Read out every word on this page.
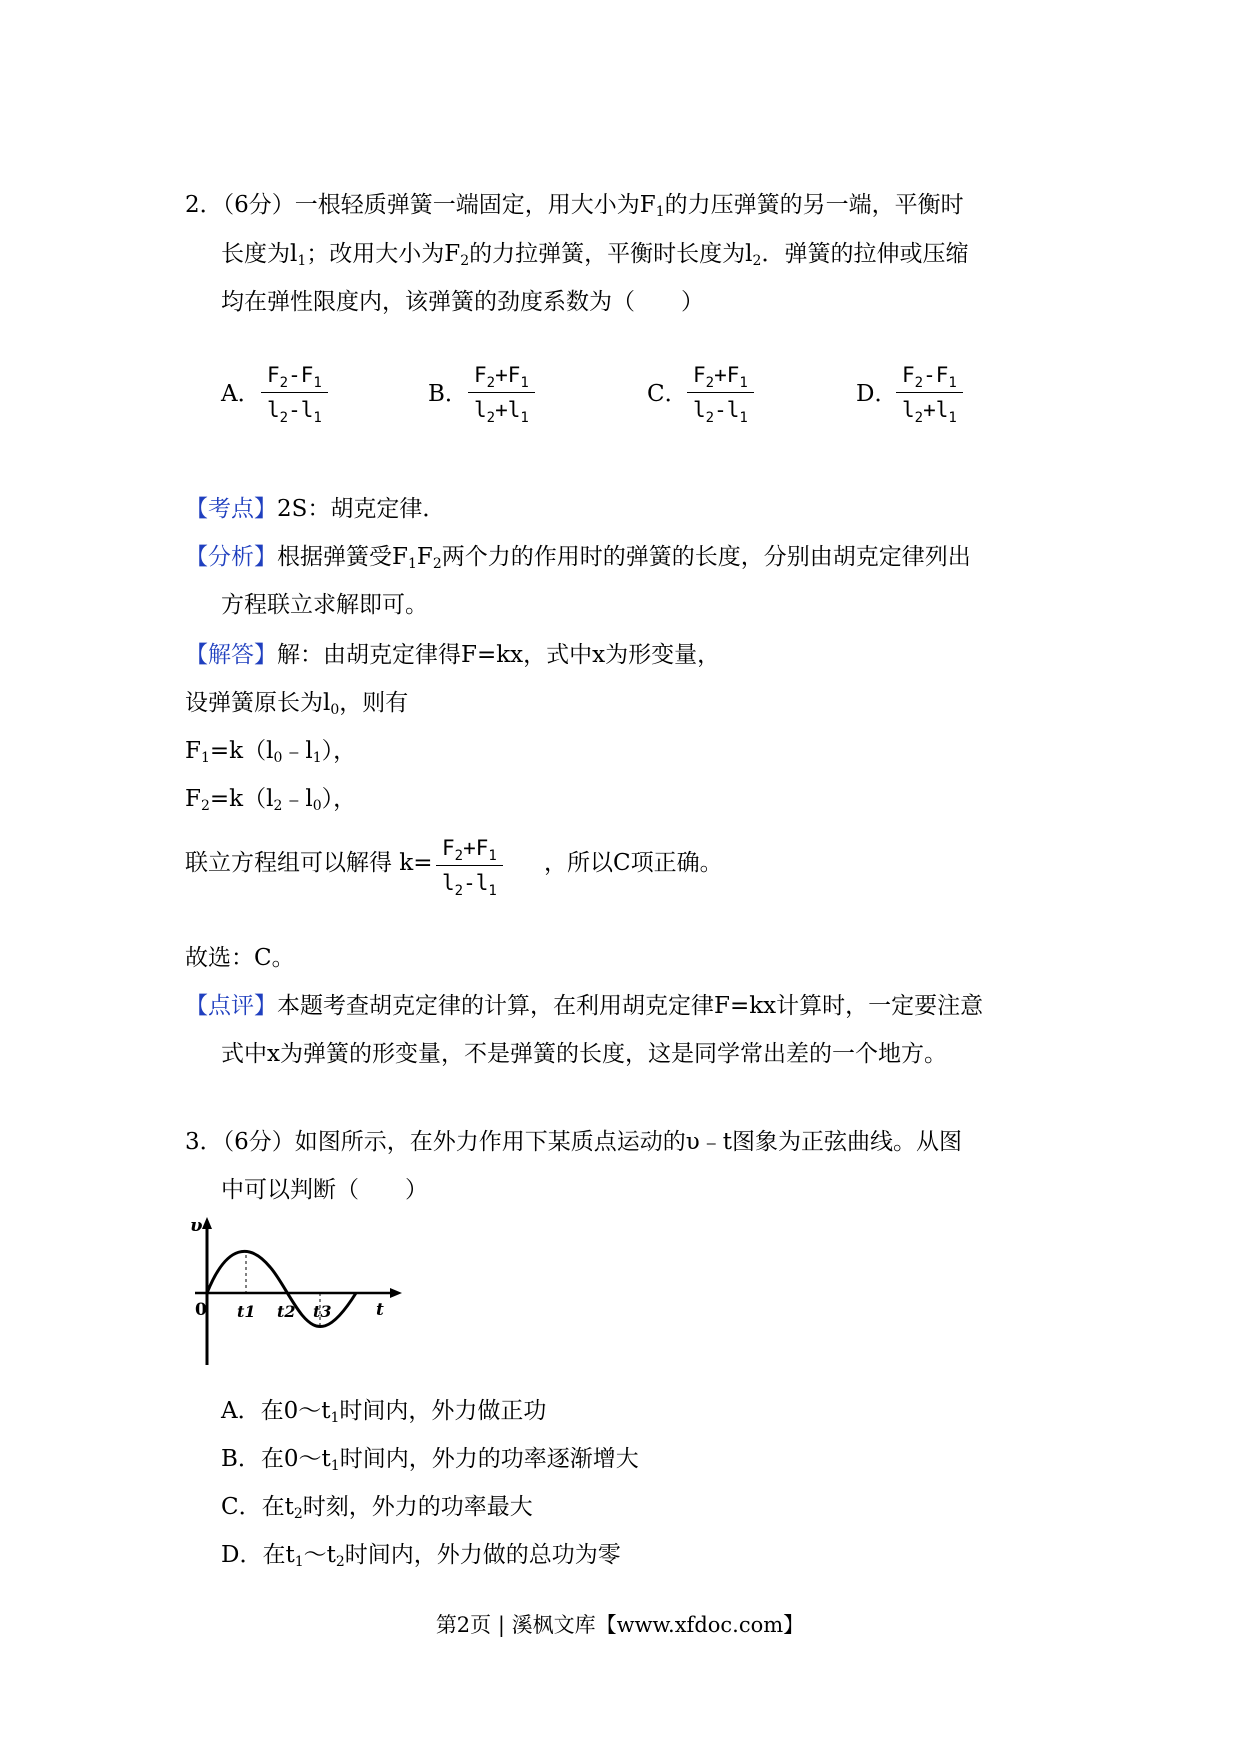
2．（6分）一根轻质弹簧一端固定，用大小为$F_1$的力压弹簧的另一端，平衡时
长度为$l_1$；改用大小为$F_2$的力拉弹簧，平衡时长度为$l_2$．弹簧的拉伸或压缩
均在弹性限度内，该弹簧的劲度系数为（　　）
A． $\frac{F_2-F_1}{l_2-l_1}$	B． $\frac{F_2+F_1}{l_2+l_1}$	C． $\frac{F_2+F_1}{l_2-l_1}$	D．
$\frac{F_2-F_1}{l_2+l_1}$
【考点】2S：胡克定律．
【分析】根据弹簧受$F_1F_2$两个力的作用时的弹簧的长度，分别由胡克定律列出
方程联立求解即可。
【解答】解：由胡克定律得F=kx，式中x为形变量，
设弹簧原长为$l_0$，则有
$F_1=k(l_0﹣l_1)$，
$F_2=k(l_2﹣l_0)$，
联立方程组可以解得 $k= \frac{F_2+F_1}{l_2-l_1}$ ，所以C项正确。
故选：C。
【点评】本题考查胡克定律的计算，在利用胡克定律F=kx计算时，一定要注意
式中x为弹簧的形变量，不是弹簧的长度，这是同学常出差的一个地方。
3．（6分）如图所示，在外力作用下某质点运动的υ﹣t图象为正弦曲线。从图
中可以判断（　　）
υ
0 t1 t2 t3	t
A．在$0\sim t_1$时间内，外力做正功
B．在$0\sim t_1$时间内，外力的功率逐渐增大
C．在$t_2$时刻，外力的功率最大
D．在$t_1\sim t_2$时间内，外力做的总功为零
第2页 | 溪枫文库【www.xfdoc.com】
